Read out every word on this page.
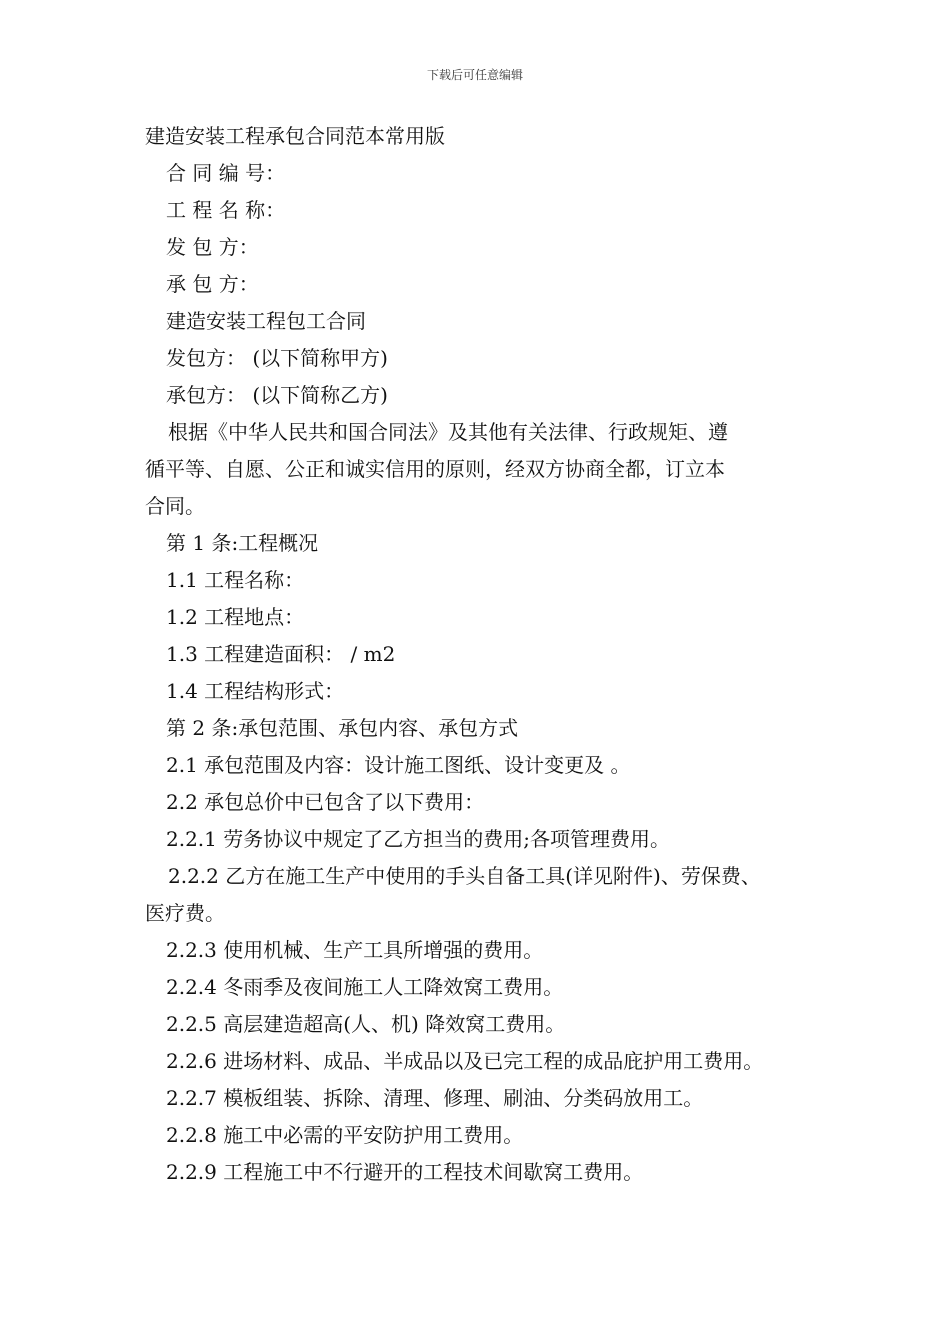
下载后可任意编辑
建造安装工程承包合同范本常用版
合 同 编 号：
工 程 名 称：
发 包 方：
承 包 方：
建造安装工程包工合同
发包方： (以下简称甲方)
承包方： (以下简称乙方)
根据《中华人民共和国合同法》及其他有关法律、行政规矩、遵
循平等、自愿、公正和诚实信用的原则，经双方协商全都，订立本
合同。
第 1 条:工程概况
1.1 工程名称：
1.2 工程地点：
1.3 工程建造面积： / m2
1.4 工程结构形式：
第 2 条:承包范围、承包内容、承包方式
2.1 承包范围及内容：设计施工图纸、设计变更及 。
2.2 承包总价中已包含了以下费用：
2.2.1 劳务协议中规定了乙方担当的费用;各项管理费用。
2.2.2 乙方在施工生产中使用的手头自备工具(详见附件)、劳保费、
医疗费。
2.2.3 使用机械、生产工具所增强的费用。
2.2.4 冬雨季及夜间施工人工降效窝工费用。
2.2.5 高层建造超高(人、机) 降效窝工费用。
2.2.6 进场材料、成品、半成品以及已完工程的成品庇护用工费用。
2.2.7 模板组装、拆除、清理、修理、刷油、分类码放用工。
2.2.8 施工中必需的平安防护用工费用。
2.2.9 工程施工中不行避开的工程技术间歇窝工费用。
